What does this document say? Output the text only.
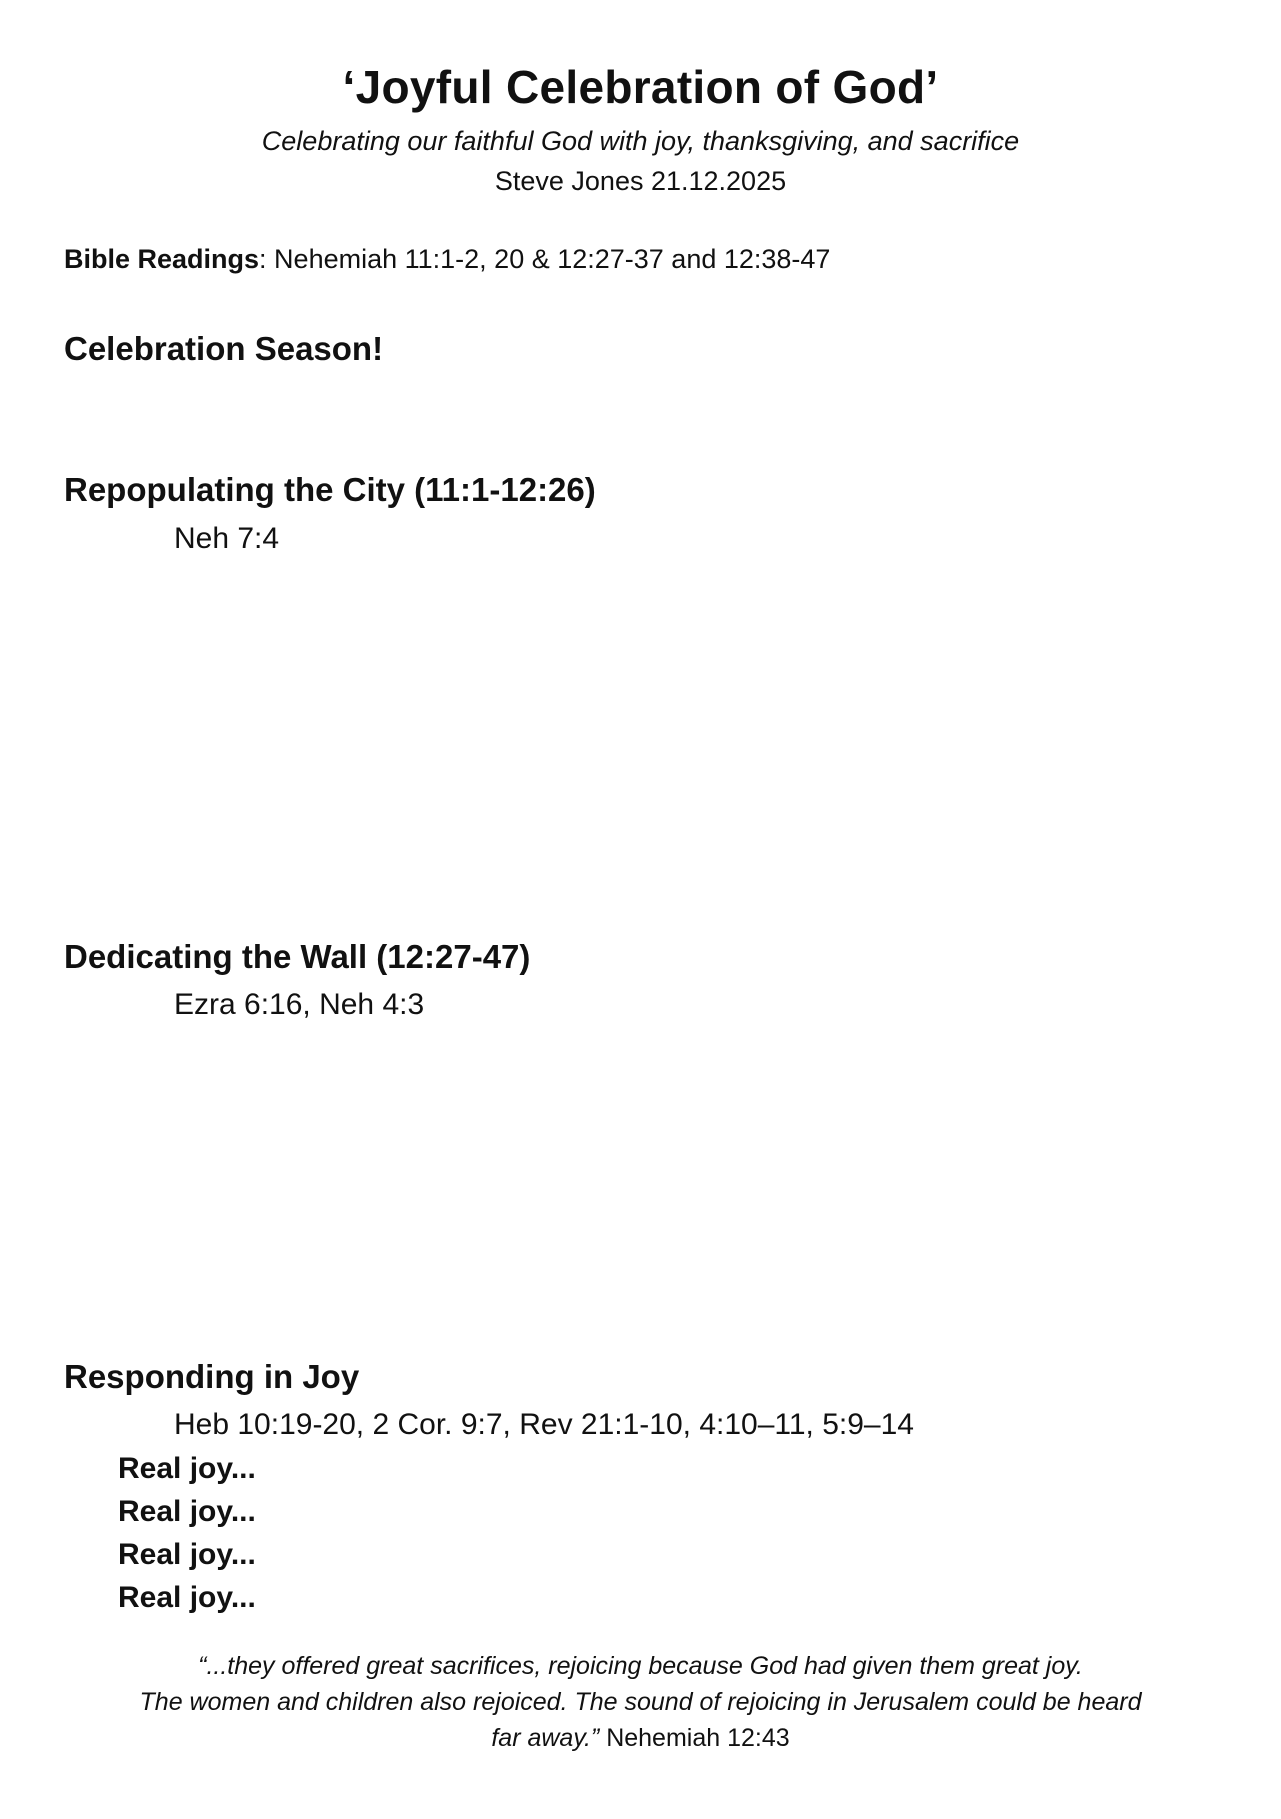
‘Joyful Celebration of God’
Celebrating our faithful God with joy, thanksgiving, and sacrifice
Steve Jones 21.12.2025
Bible Readings: Nehemiah 11:1-2, 20 & 12:27-37 and 12:38-47
Celebration Season!
Repopulating the City (11:1-12:26)
Neh 7:4
Dedicating the Wall (12:27-47)
Ezra 6:16, Neh 4:3
Responding in Joy
Heb 10:19-20, 2 Cor. 9:7, Rev 21:1-10, 4:10–11, 5:9–14
Real joy...
Real joy...
Real joy...
Real joy...
“...they offered great sacrifices, rejoicing because God had given them great joy.
The women and children also rejoiced. The sound of rejoicing in Jerusalem could be heard
far away.” Nehemiah 12:43
